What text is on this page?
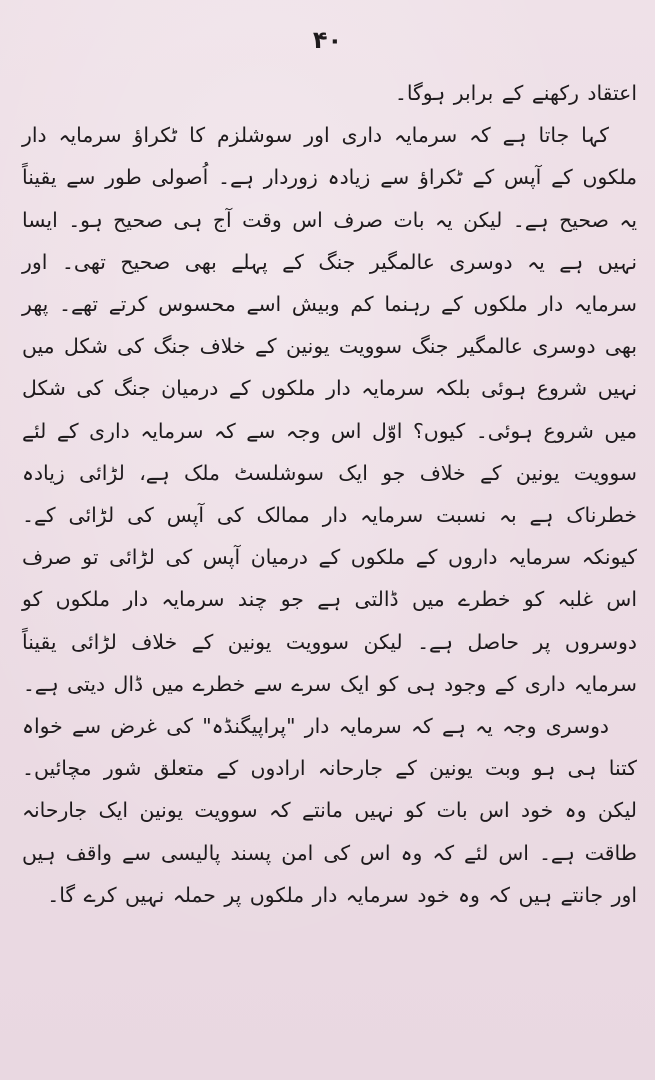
۴۰

اعتقاد رکھنے کے برابر ہوگا۔

کہا جاتا ہے کہ سرمایہ داری اور سوشلزم کا ٹکراؤ سرمایہ دار ملکوں کے آپس کے ٹکراؤ سے زیادہ زوردار ہے۔ اُصولی طور سے یقیناً یہ صحیح ہے۔ لیکن یہ بات صرف اس وقت آج ہی صحیح ہو۔ ایسا نہیں ہے یہ دوسری عالمگیر جنگ کے پہلے بھی صحیح تھی۔ اور سرمایہ دار ملکوں کے رہنما کم وبیش اسے محسوس کرتے تھے۔ پھر بھی دوسری عالمگیر جنگ سوویت یونین کے خلاف جنگ کی شکل میں نہیں شروع ہوئی بلکہ سرمایہ دار ملکوں کے درمیان جنگ کی شکل میں شروع ہوئی۔ کیوں؟ اوّل اس وجہ سے کہ سرمایہ داری کے لئے سوویت یونین کے خلاف جو ایک سوشلسٹ ملک ہے، لڑائی زیادہ خطرناک ہے بہ نسبت سرمایہ دار ممالک کی آپس کی لڑائی کے۔ کیونکہ سرمایہ داروں کے ملکوں کے درمیان آپس کی لڑائی تو صرف اس غلبہ کو خطرے میں ڈالتی ہے جو چند سرمایہ دار ملکوں کو دوسروں پر حاصل ہے۔ لیکن سوویت یونین کے خلاف لڑائی یقیناً سرمایہ داری کے وجود ہی کو ایک سرے سے خطرے میں ڈال دیتی ہے۔

دوسری وجہ یہ ہے کہ سرمایہ دار "پراپیگنڈہ" کی غرض سے خواہ کتنا ہی ہو وبت یونین کے جارحانہ ارادوں کے متعلق شور مچائیں۔ لیکن وہ خود اس بات کو نہیں مانتے کہ سوویت یونین ایک جارحانہ طاقت ہے۔ اس لئے کہ وہ اس کی امن پسند پالیسی سے واقف ہیں اور جانتے ہیں کہ وہ خود سرمایہ دار ملکوں پر حملہ نہیں کرے گا۔
